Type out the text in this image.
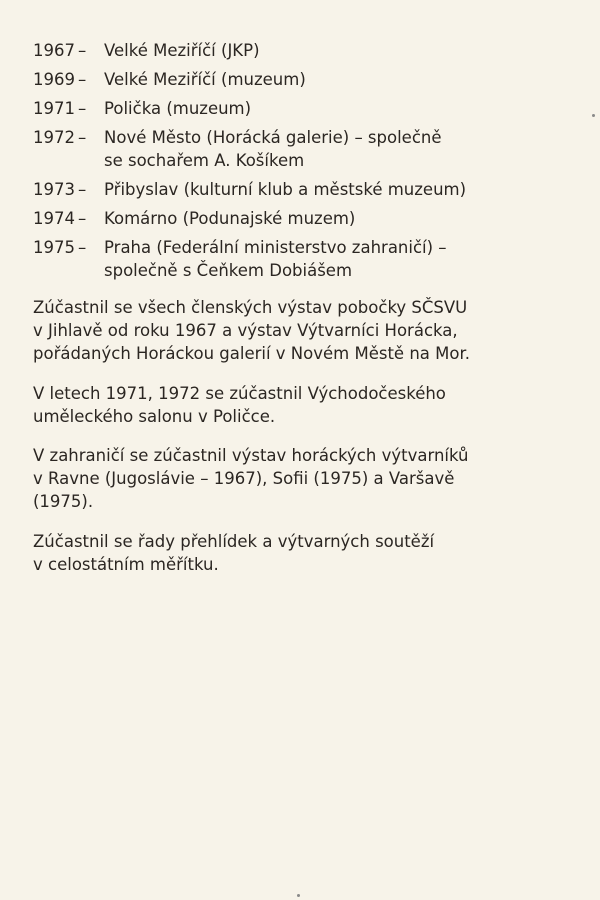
1967 –	Velké Meziříčí (JKP)
1969 –	Velké Meziříčí (muzeum)
1971 –	Polička (muzeum)
1972 –	Nové Město (Horácká galerie) – společně
se sochařem A. Košíkem
1973 –	Přibyslav (kulturní klub a městské muzeum)
1974 –	Komárno (Podunajské muzem)
1975 –	Praha (Federální ministerstvo zahraničí) –
společně s Čeňkem Dobiášem

Zúčastnil se všech členských výstav pobočky SČSVU
v Jihlavě od roku 1967 a výstav Výtvarníci Horácka,
pořádaných Horáckou galerií v Novém Městě na Mor.

V letech 1971, 1972 se zúčastnil Východočeského
uměleckého salonu v Poličce.

V zahraničí se zúčastnil výstav horáckých výtvarníků
v Ravne (Jugoslávie – 1967), Sofii (1975) a Varšavě
(1975).

Zúčastnil se řady přehlídek a výtvarných soutěží
v celostátním měřítku.
